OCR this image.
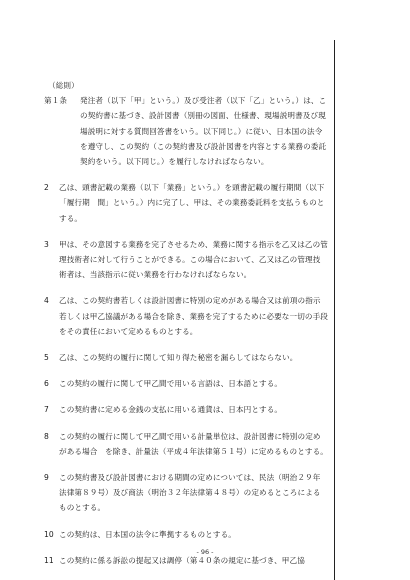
（総則）
第１条	発注者（以下「甲」という。）及び受注者（以下「乙」という。）は、この契約書に基づき、設計図書（別冊の図面、仕様書、現場説明書及び現場説明に対する質問回答書をいう。以下同じ。）に従い、日本国の法令を遵守し、この契約（この契約書及び設計図書を内容とする業務の委託契約をいう。以下同じ。）を履行しなければならない。
2	乙は、頭書記載の業務（以下「業務」という。）を頭書記載の履行期間（以下「履行期　間」という。）内に完了し、甲は、その業務委託料を支払うものとする。
3	甲は、その意図する業務を完了させるため、業務に関する指示を乙又は乙の管理技術者に対して行うことができる。この場合において、乙又は乙の管理技術者は、当該指示に従い業務を行わなければならない。
4	乙は、この契約書若しくは設計図書に特別の定めがある場合又は前項の指示若しくは甲乙協議がある場合を除き、業務を完了するために必要な一切の手段をその責任において定めるものとする。
5	乙は、この契約の履行に関して知り得た秘密を漏らしてはならない。
6	この契約の履行に関して甲乙間で用いる言語は、日本語とする。
7	この契約書に定める金銭の支払に用いる通貨は、日本円とする。
8	この契約の履行に関して甲乙間で用いる計量単位は、設計図書に特別の定めがある場合　を除き、計量法（平成４年法律第５１号）に定めるものとする。
9	この契約書及び設計図書における期間の定めについては、民法（明治２９年法律第８９号）及び商法（明治３２年法律第４８号）の定めるところによるものとする。
10 この契約は、日本国の法令に準拠するものとする。
11 この契約に係る訴訟の提起又は調停（第４０条の規定に基づき、甲乙協
- 96 -
